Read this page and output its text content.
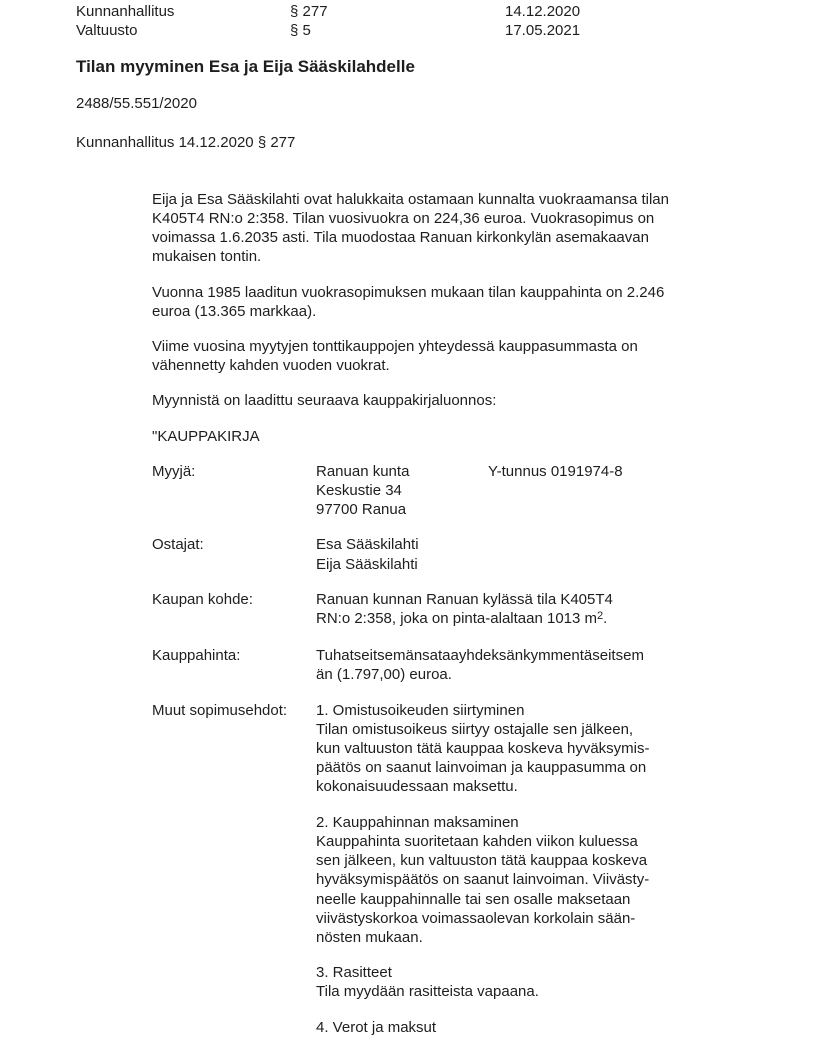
Kunnanhallitus	§ 277	14.12.2020
Valtuusto	§ 5	17.05.2021
Tilan myyminen Esa ja Eija Sääskilahdelle
2488/55.551/2020
Kunnanhallitus 14.12.2020 § 277
Eija ja Esa Sääskilahti ovat halukkaita ostamaan kunnalta vuokraamansa tilan
K405T4 RN:o 2:358. Tilan vuosivuokra on 224,36 euroa. Vuokrasopimus on
voimassa 1.6.2035 asti. Tila muodostaa Ranuan kirkonkylän asemakaavan
mukaisen tontin.
Vuonna 1985 laaditun vuokrasopimuksen mukaan tilan kauppahinta on 2.246
euroa (13.365 markkaa).
Viime vuosina myytyjen tonttikauppojen yhteydessä kauppasummasta on
vähennetty kahden vuoden vuokrat.
Myynnistä on laadittu seuraava kauppakirjaluonnos:
"KAUPPAKIRJA
Myyjä:	Ranuan kunta	Y-tunnus 0191974-8
Keskustie 34
97700 Ranua
Ostajat:	Esa Sääskilahti
Eija Sääskilahti
Kaupan kohde:	Ranuan kunnan Ranuan kylässä tila K405T4
RN:o 2:358, joka on pinta-alaltaan 1013 $m^2$.
Kauppahinta:	Tuhatseitsemänsataayhdeksänkymmentäseitsem
än (1.797,00) euroa.
Muut sopimusehdot:	1. Omistusoikeuden siirtyminen
Tilan omistusoikeus siirtyy ostajalle sen jälkeen,
kun valtuuston tätä kauppaa koskeva hyväksymis-
päätös on saanut lainvoiman ja kauppasumma on
kokonaisuudessaan maksettu.
2. Kauppahinnan maksaminen
Kauppahinta suoritetaan kahden viikon kuluessa
sen jälkeen, kun valtuuston tätä kauppaa koskeva
hyväksymispäätös on saanut lainvoiman. Viivästy-
neelle kauppahinnalle tai sen osalle maksetaan
viivästyskorkoa voimassaolevan korkolain sään-
nösten mukaan.
3. Rasitteet
Tila myydään rasitteista vapaana.
4. Verot ja maksut
